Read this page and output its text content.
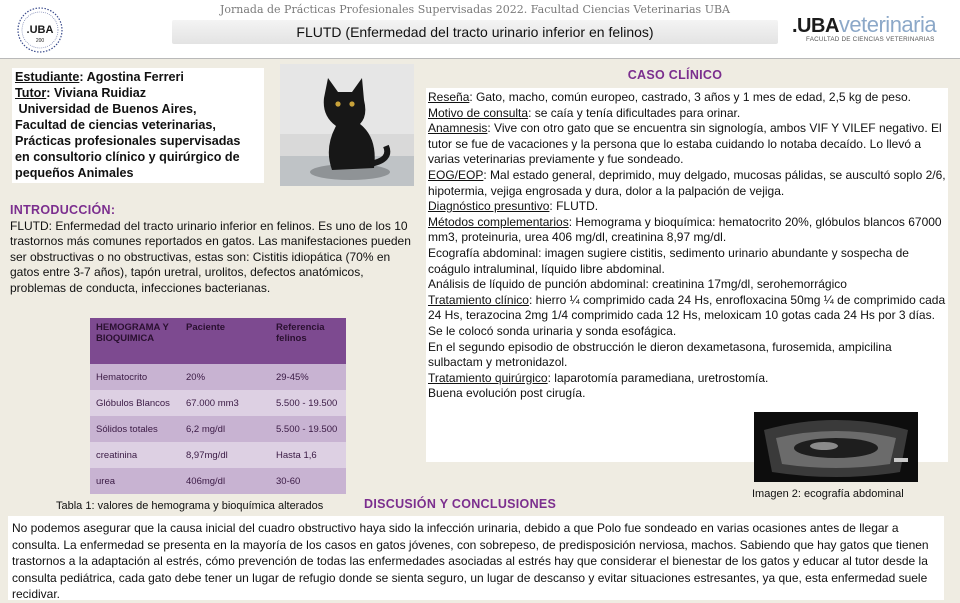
.UBA
200
Jornada de Prácticas Profesionales Supervisadas 2022. Facultad Ciencias Veterinarias UBA
FLUTD (Enfermedad del tracto urinario inferior en felinos)	.UBAveterinaria
FACULTAD DE CIENCIAS VETERINARIAS
Estudiante: Agostina Ferreri
Tutor: Viviana Ruidiaz
Universidad de Buenos Aires,
Facultad de ciencias veterinarias,
Prácticas profesionales supervisadas
en consultorio clínico y quirúrgico de
pequeños Animales
INTRODUCCIÓN:
FLUTD: Enfermedad del tracto urinario inferior en felinos. Es uno de los 10 trastornos más comunes reportados en gatos. Las manifestaciones pueden ser obstructivas o no obstructivas, estas son: Cistitis idiopática (70% en gatos entre 3-7 años), tapón uretral, urolitos, defectos anatómicos, problemas de conducta, infecciones bacterianas.
HEMOGRAMA Y BIOQUIMICA	Paciente	Referencia felinos
Hematocrito	20%	29-45%
Glóbulos Blancos	67.000 mm3	5.500 - 19.500
Sólidos totales	6,2 mg/dl	5.500 - 19.500
creatinina	8,97mg/dl	Hasta 1,6
urea	406mg/dl	30-60
Tabla 1: valores de hemograma y bioquímica alterados
CASO CLÍNICO
Reseña: Gato, macho, común europeo, castrado, 3 años y 1 mes de edad, 2,5 kg de peso.
Motivo de consulta: se caía y tenía dificultades para orinar.
Anamnesis: Vive con otro gato que se encuentra sin signología, ambos VIF Y VILEF negativo. El tutor se fue de vacaciones y la persona que lo estaba cuidando lo notaba decaído. Lo llevó a varias veterinarias previamente y fue sondeado.
EOG/EOP: Mal estado general, deprimido, muy delgado, mucosas pálidas, se auscultó soplo 2/6, hipotermia, vejiga engrosada y dura, dolor a la palpación de vejiga.
Diagnóstico presuntivo: FLUTD.
Métodos complementarios: Hemograma y bioquímica: hematocrito 20%, glóbulos blancos 67000 mm3, proteinuria, urea 406 mg/dl, creatinina 8,97 mg/dl.
Ecografía abdominal: imagen sugiere cistitis, sedimento urinario abundante y sospecha de coágulo intraluminal, líquido libre abdominal.
Análisis de líquido de punción abdominal: creatinina 17mg/dl, serohemorrágico
Tratamiento clínico: hierro ¼ comprimido cada 24 Hs, enrofloxacina 50mg ¼ de comprimido cada 24 Hs, terazocina 2mg 1/4 comprimido cada 12 Hs, meloxicam 10 gotas cada 24 Hs por 3 días. Se le colocó sonda urinaria y sonda esofágica.
En el segundo episodio de obstrucción le dieron dexametasona, furosemida, ampicilina sulbactam y metronidazol.
Tratamiento quirúrgico: laparotomía paramediana, uretrostomía.
Buena evolución post cirugía.
Imagen 2: ecografía abdominal
DISCUSIÓN Y CONCLUSIONES
No podemos asegurar que la causa inicial del cuadro obstructivo haya sido la infección urinaria, debido a que Polo fue sondeado en varias ocasiones antes de llegar a consulta. La enfermedad se presenta en la mayoría de los casos en gatos jóvenes, con sobrepeso, de predisposición nerviosa, machos. Sabiendo que hay gatos que tienen trastornos a la adaptación al estrés, cómo prevención de todas las enfermedades asociadas al estrés hay que considerar el bienestar de los gatos y educar al tutor desde la consulta pediátrica, cada gato debe tener un lugar de refugio donde se sienta seguro, un lugar de descanso y evitar situaciones estresantes, ya que, esta enfermedad suele recidivar.
